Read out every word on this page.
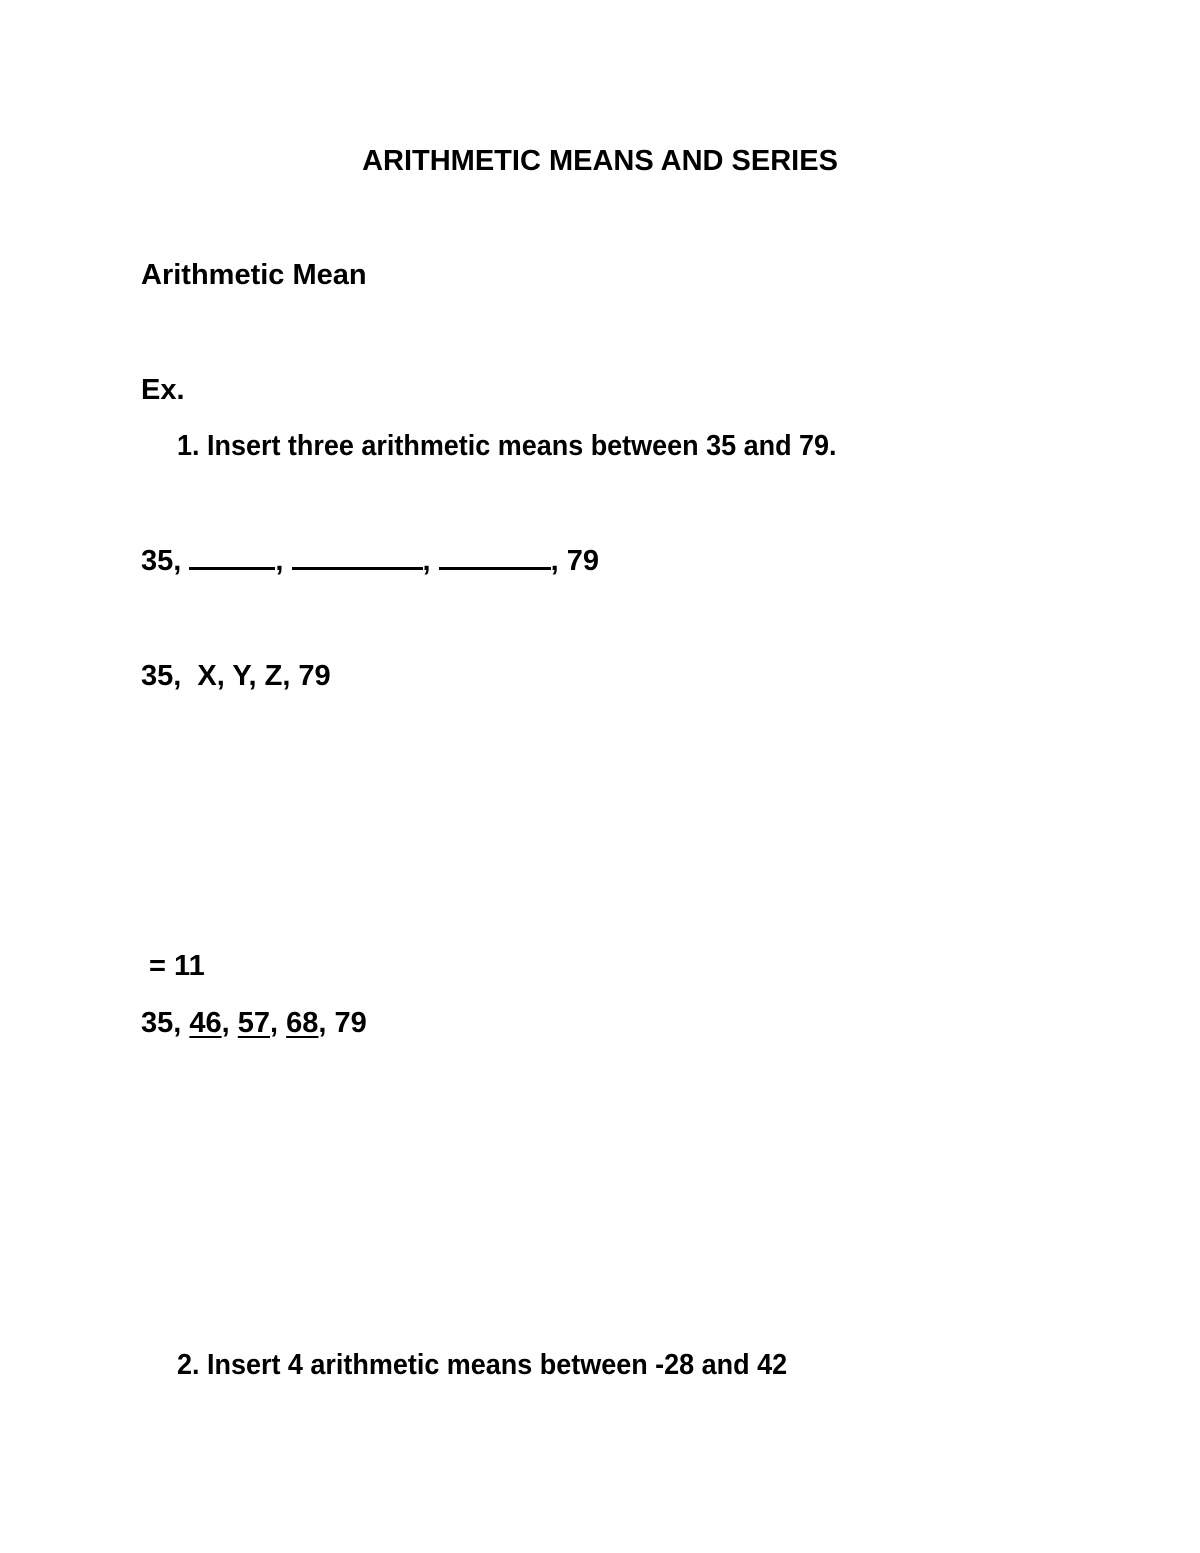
ARITHMETIC MEANS AND SERIES
Arithmetic Mean
Ex.
1. Insert three arithmetic means between 35 and 79.
35,	,	,	, 79
35,  X, Y, Z, 79
= 11
35, 46, 57, 68, 79
2. Insert 4 arithmetic means between -28 and 42
